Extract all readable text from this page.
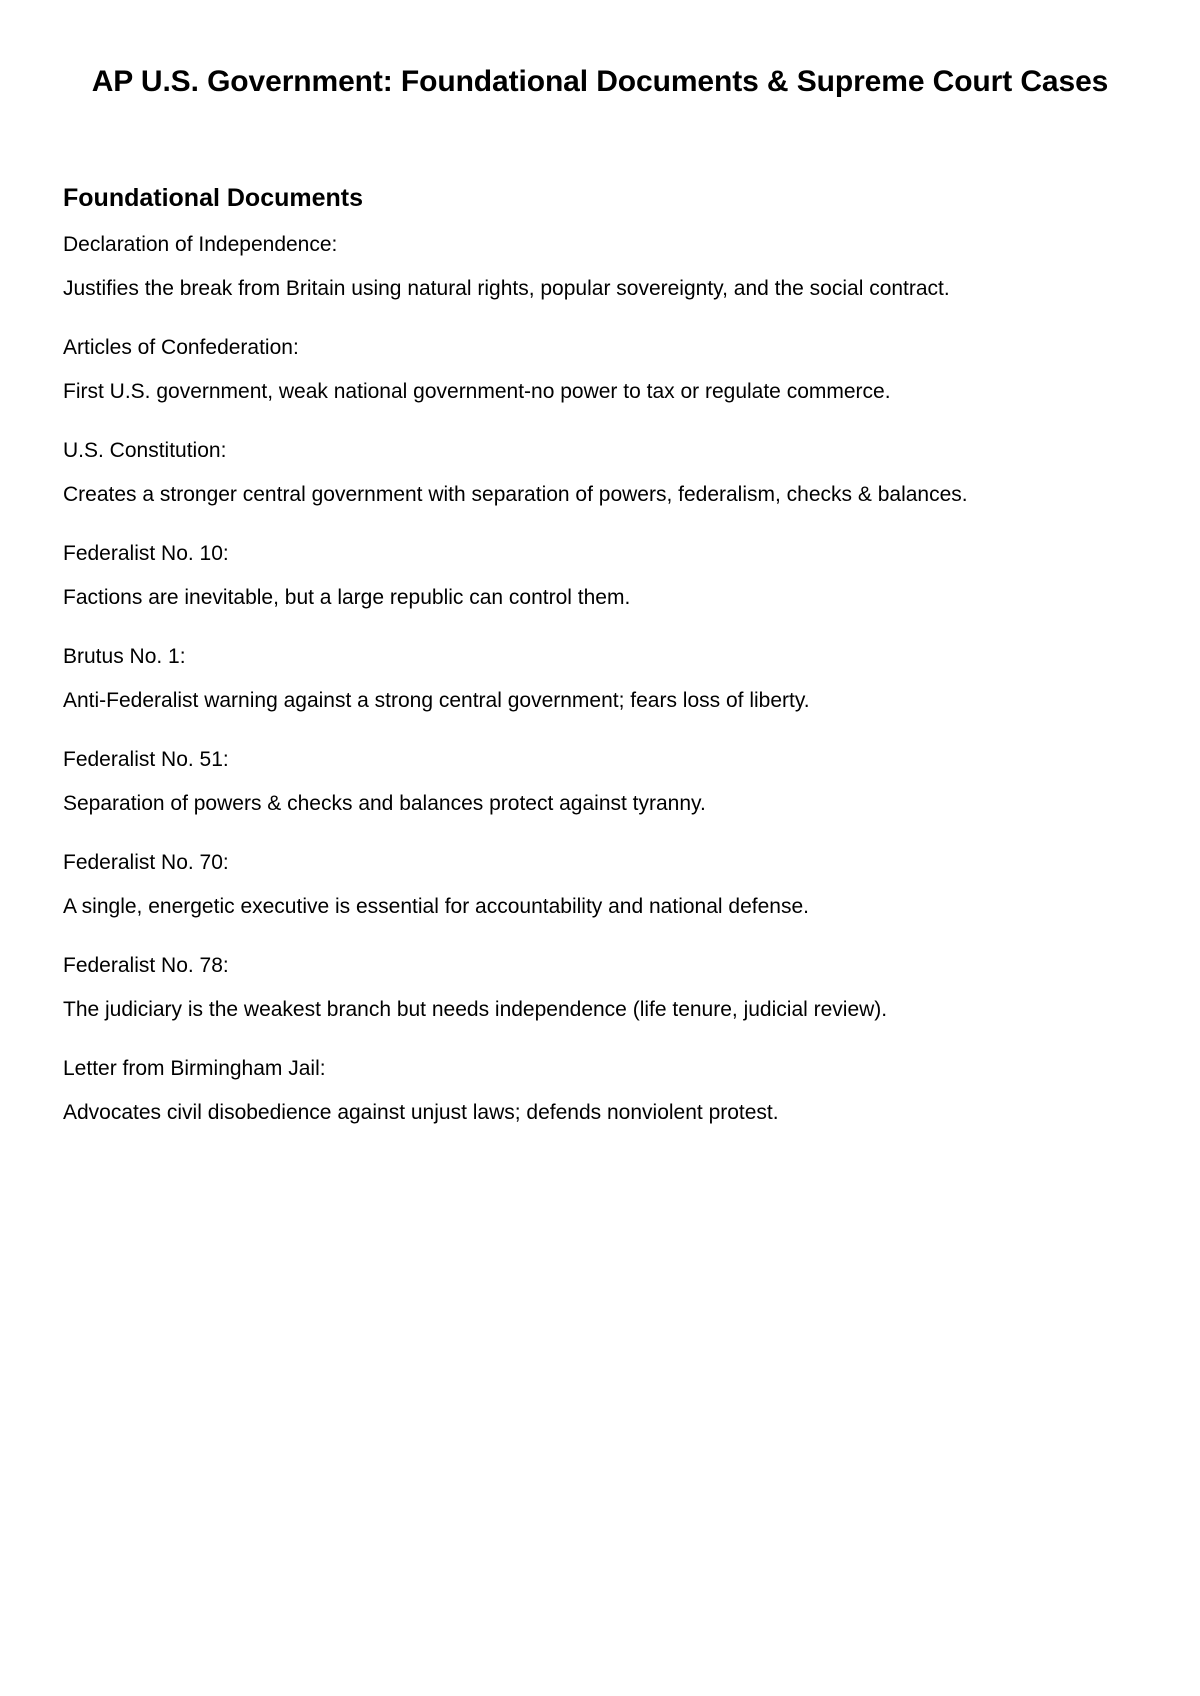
AP U.S. Government: Foundational Documents & Supreme Court Cases
Foundational Documents

Declaration of Independence:

Justifies the break from Britain using natural rights, popular sovereignty, and the social contract.

Articles of Confederation:

First U.S. government, weak national government-no power to tax or regulate commerce.

U.S. Constitution:

Creates a stronger central government with separation of powers, federalism, checks & balances.

Federalist No. 10:

Factions are inevitable, but a large republic can control them.

Brutus No. 1:

Anti-Federalist warning against a strong central government; fears loss of liberty.

Federalist No. 51:

Separation of powers & checks and balances protect against tyranny.

Federalist No. 70:

A single, energetic executive is essential for accountability and national defense.

Federalist No. 78:

The judiciary is the weakest branch but needs independence (life tenure, judicial review).

Letter from Birmingham Jail:

Advocates civil disobedience against unjust laws; defends nonviolent protest.
